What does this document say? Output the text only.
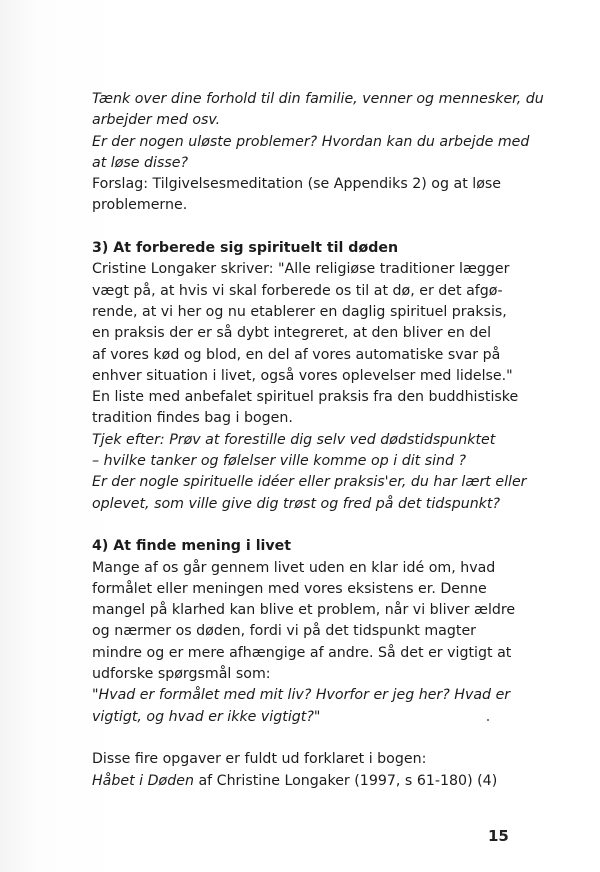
Tænk over dine forhold til din familie, venner og mennesker, du

arbejder med osv.

Er der nogen uløste problemer? Hvordan kan du arbejde med

at løse disse?

Forslag: Tilgivelsesmeditation (se Appendiks 2) og at løse

problemerne.

3) At forberede sig spirituelt til døden

Cristine Longaker skriver: "Alle religiøse traditioner lægger

vægt på, at hvis vi skal forberede os til at dø, er det afgø-

rende, at vi her og nu etablerer en daglig spirituel praksis,

en praksis der er så dybt integreret, at den bliver en del

af vores kød og blod, en del af vores automatiske svar på

enhver situation i livet, også vores oplevelser med lidelse."

En liste med anbefalet spirituel praksis fra den buddhistiske

tradition findes bag i bogen.

Tjek efter: Prøv at forestille dig selv ved dødstidspunktet

– hvilke tanker og følelser ville komme op i dit sind ?

Er der nogle spirituelle idéer eller praksis'er, du har lært eller

oplevet, som ville give dig trøst og fred på det tidspunkt?

4) At finde mening i livet

Mange af os går gennem livet uden en klar idé om, hvad

formålet eller meningen med vores eksistens er. Denne

mangel på klarhed kan blive et problem, når vi bliver ældre

og nærmer os døden, fordi vi på det tidspunkt magter

mindre og er mere afhængige af andre. Så det er vigtigt at

udforske spørgsmål som:

"Hvad er formålet med mit liv? Hvorfor er jeg her? Hvad er

vigtigt, og hvad er ikke vigtigt?"

Disse fire opgaver er fuldt ud forklaret i bogen:

Håbet i Døden af Christine Longaker (1997, s 61-180) (4)

15
